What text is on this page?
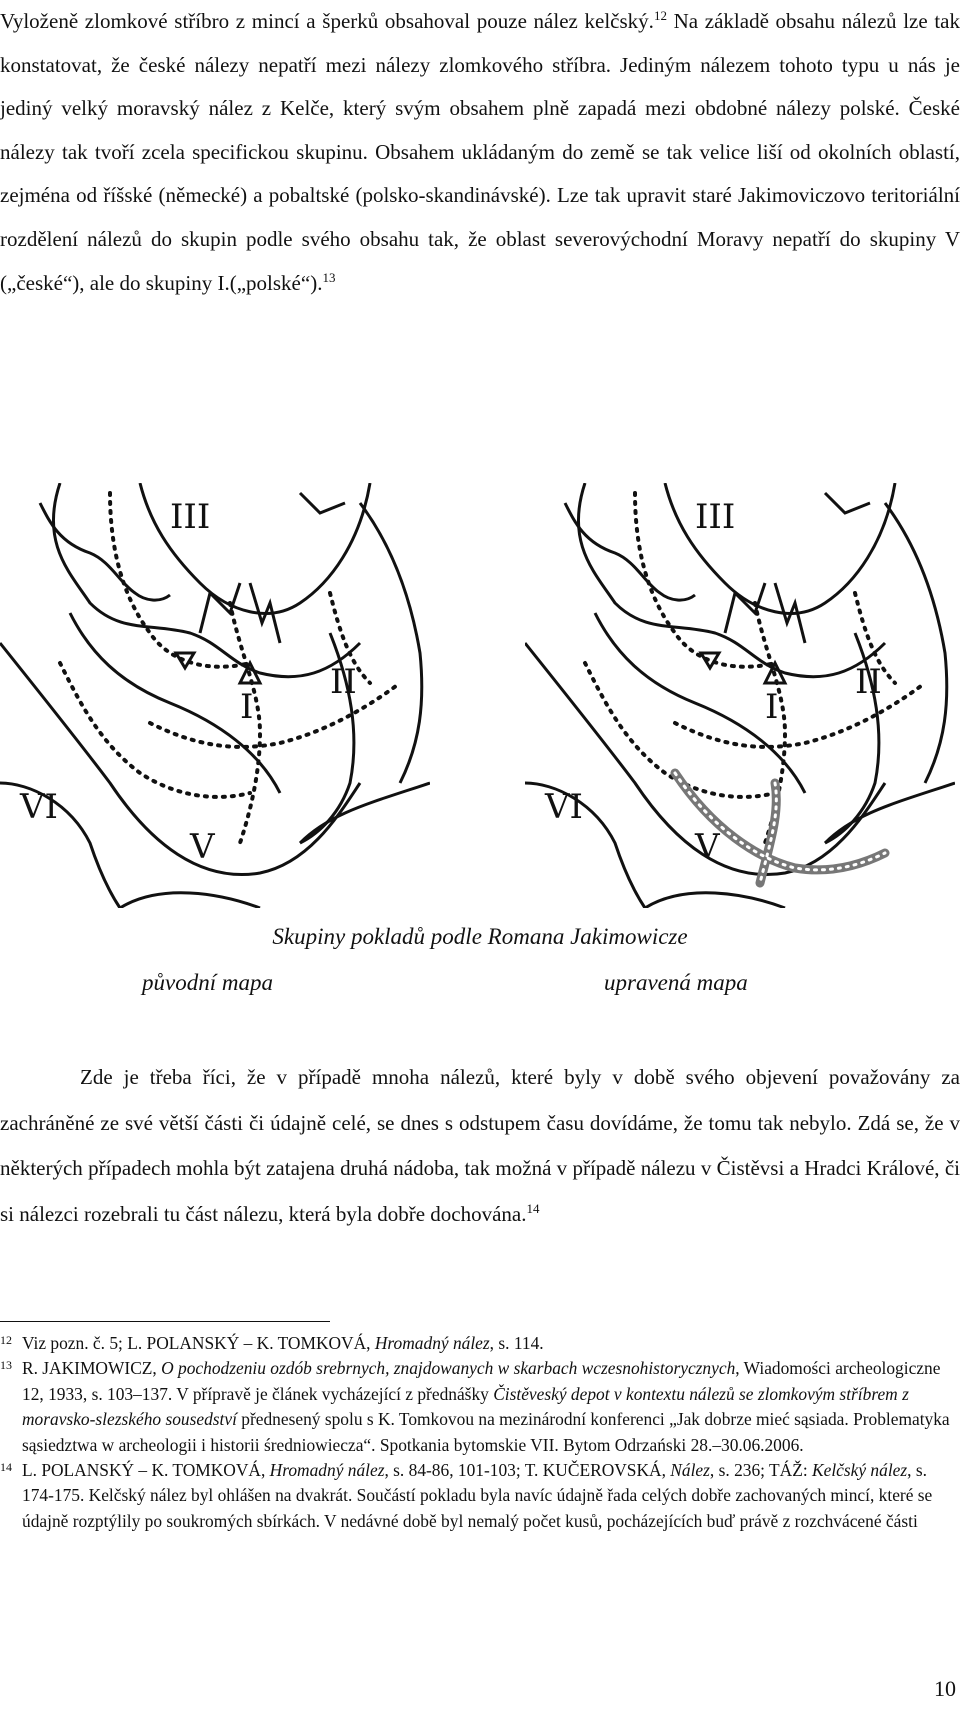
Vyloženě zlomkové stříbro z mincí a šperků obsahoval pouze nález kelčský.$^{12}$ Na základě obsahu nálezů lze tak konstatovat, že české nálezy nepatří mezi nálezy zlomkového stříbra. Jediným nálezem tohoto typu u nás je jediný velký moravský nález z Kelče, který svým obsahem plně zapadá mezi obdobné nálezy polské. České nálezy tak tvoří zcela specifickou skupinu. Obsahem ukládaným do země se tak velice liší od okolních oblastí, zejména od říšské (německé) a pobaltské (polsko-skandinávské). Lze tak upravit staré Jakimoviczovo teritoriální rozdělení nálezů do skupin podle svého obsahu tak, že oblast severovýchodní Moravy nepatří do skupiny V („české“), ale do skupiny I.(„polské“).$^{13}$

III
II
I
VI
V
III
II
I
VI
V
Skupiny pokladů podle Romana Jakimowicze
původní mapa	upravená mapa

Zde je třeba říci, že v případě mnoha nálezů, které byly v době svého objevení považovány za zachráněné ze své větší části či údajně celé, se dnes s odstupem času dovídáme, že tomu tak nebylo. Zdá se, že v některých případech mohla být zatajena druhá nádoba, tak možná v případě nálezu v Čistěvsi a Hradci Králové, či si nálezci rozebrali tu část nálezu, která byla dobře dochována.$^{14}$

12 Viz pozn. č. 5; L. POLANSKÝ – K. TOMKOVÁ, Hromadný nález, s. 114.

13 R. JAKIMOWICZ, O pochodzeniu ozdób srebrnych, znajdowanych w skarbach wczesnohistorycznych, Wiadomości archeologiczne 12, 1933, s. 103–137. V přípravě je článek vycházející z přednášky Čistěveský depot v kontextu nálezů se zlomkovým stříbrem z moravsko-slezského sousedství přednesený spolu s K. Tomkovou na mezinárodní konferenci „Jak dobrze mieć sąsiada. Problematyka sąsiedztwa w archeologii i historii średniowiecza“. Spotkania bytomskie VII. Bytom Odrzański 28.–30.06.2006.

14 L. POLANSKÝ – K. TOMKOVÁ, Hromadný nález, s. 84-86, 101-103; T. KUČEROVSKÁ, Nález, s. 236; TÁŽ: Kelčský nález, s. 174-175. Kelčský nález byl ohlášen na dvakrát. Součástí pokladu byla navíc údajně řada celých dobře zachovaných mincí, které se údajně rozptýlily po soukromých sbírkách. V nedávné době byl nemalý počet kusů, pocházejících buď právě z rozchvácené části

10
